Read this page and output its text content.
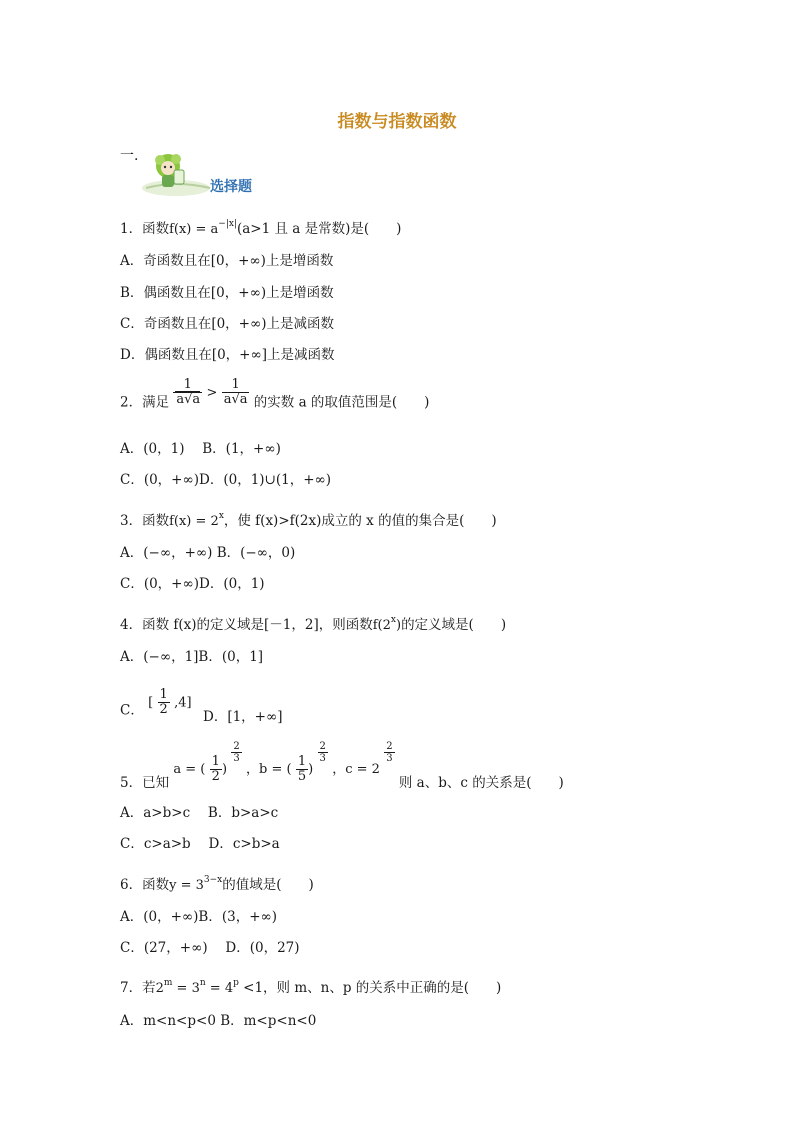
指数与指数函数
一.
选择题
1．函数$f(x) = a^{-|x|}(a>1$ 且 a 是常数)是(　　)
A．奇函数且在[0，+∞)上是增函数
B．偶函数且在[0，+∞)上是增函数
C．奇函数且在[0，+∞)上是减函数
D．偶函数且在[0，+∞]上是减函数
2．满足 $\frac{1}{a√a} > \frac{1}{a√a}$ 的实数 a 的取值范围是(　　)
A．(0，1)　 B．(1，+∞)
C．(0，+∞)D．(0，1)∪(1，+∞)
3．函数$f(x) = 2^x$，使 f(x)>f(2x)成立的 x 的值的集合是(　　)
A．(−∞，+∞) B．(−∞，0)
C．(0，+∞)D．(0，1)
4．函数 f(x)的定义域是[－1，2]，则函数f(2$^x$)的定义域是(　　)
A．(−∞，1]B．(0，1]
C． [ $\frac{1}{2} ,4$]
D．[1，+∞]
5．已知 a = ( $\frac{1}{2}$ )
$\frac{2}{3}$
，b = ( $\frac{1}{5}$ )
$\frac{2}{3}$
，c = 2
$\frac{2}{3}$
则 a、b、c 的关系是(　　)
A．a>b>c　 B．b>a>c
C．c>a>b　 D．c>b>a
6．函数$y = 3^{3-x}$的值域是(　　)
A．(0，+∞)B．(3，+∞)
C．(27，+∞)　 D．(0，27)
7．若$2^m = 3^n = 4^p <1$，则 m、n、p 的关系中正确的是(　　)
A．m<n<p<0 B．m<p<n<0
